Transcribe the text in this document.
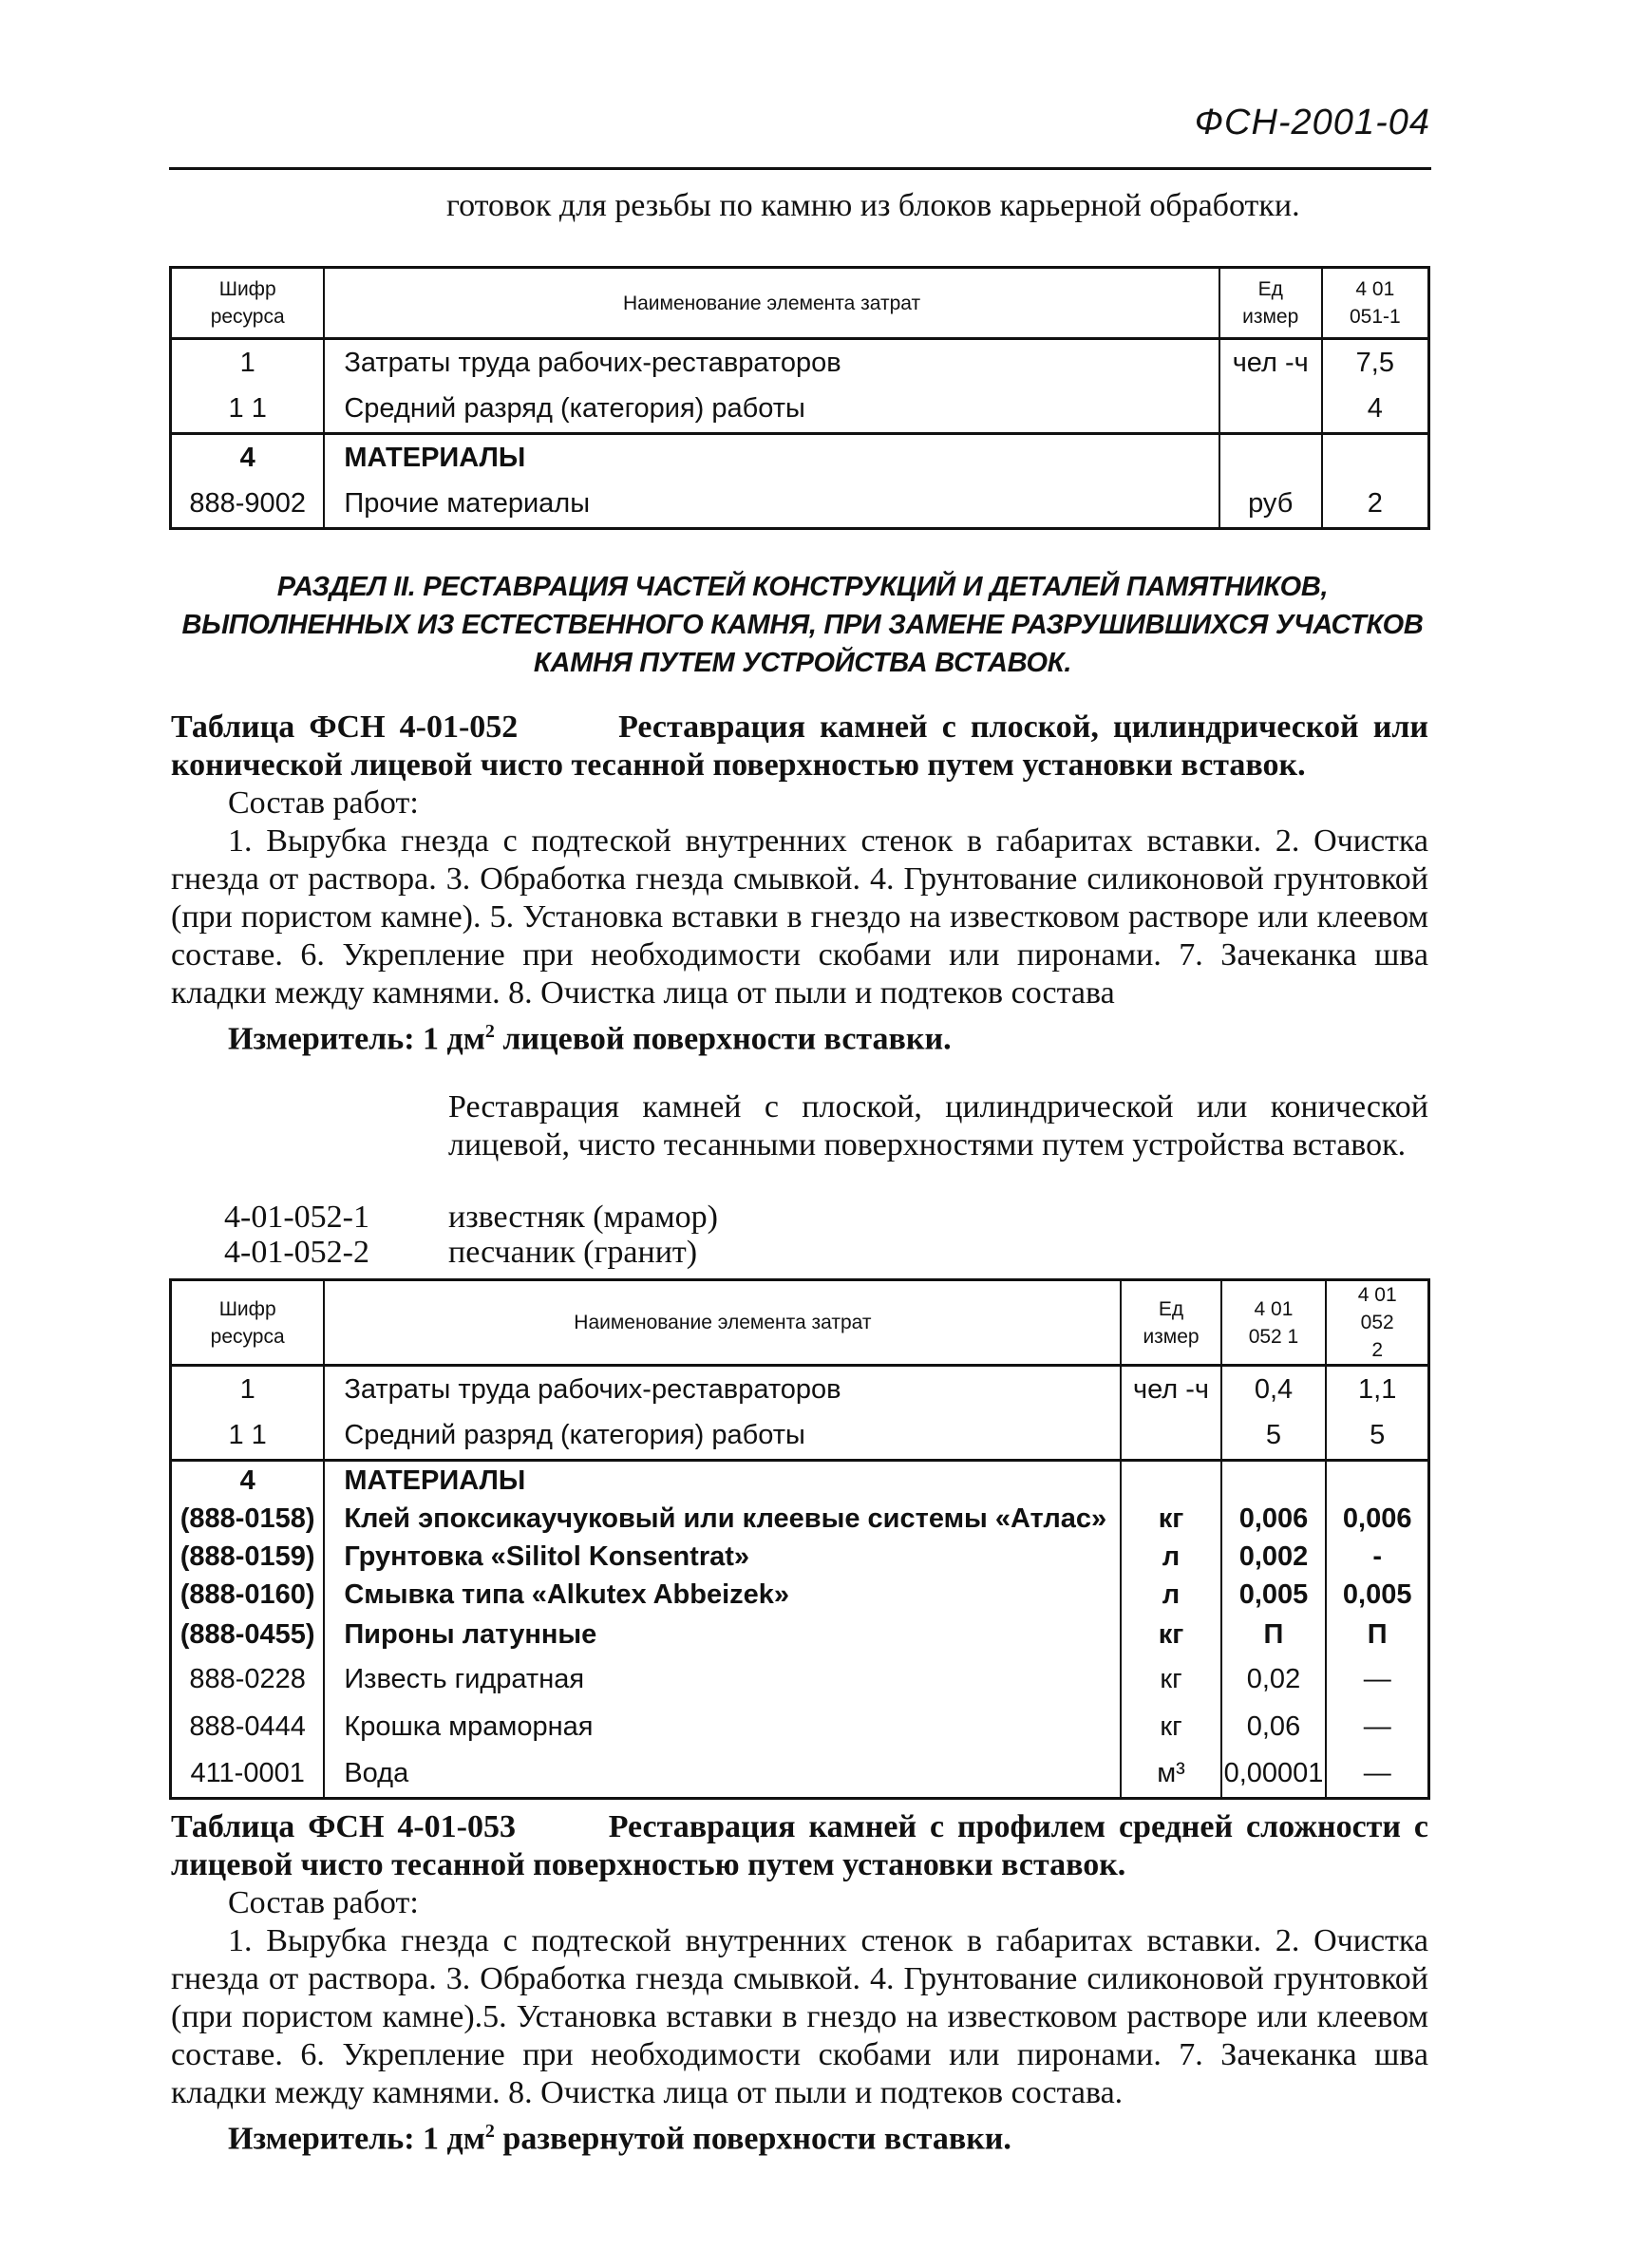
ФСН-2001-04
готовок для резьбы по камню из блоков карьерной обработки.
Шифр ресурса	Наименование элемента затрат	Ед измер	4 01 051-1
1	Затраты труда рабочих-реставраторов	чел -ч	7,5
1 1	Средний разряд (категория) работы		4
4	МАТЕРИАЛЫ		
888-9002	Прочие материалы	руб	2
РАЗДЕЛ II. РЕСТАВРАЦИЯ ЧАСТЕЙ КОНСТРУКЦИЙ И ДЕТАЛЕЙ ПАМЯТНИКОВ, ВЫПОЛНЕННЫХ ИЗ ЕСТЕСТВЕННОГО КАМНЯ, ПРИ ЗАМЕНЕ РАЗРУШИВШИХСЯ УЧАСТКОВ КАМНЯ ПУТЕМ УСТРОЙСТВА ВСТАВОК.

Таблица ФСН 4-01-052	Реставрация камней с плоской, цилиндрической или конической лицевой чисто тесанной поверхностью путем установки вставок.

Состав работ:

1. Вырубка гнезда с подтеской внутренних стенок в габаритах вставки. 2. Очистка гнезда от раствора. 3. Обработка гнезда смывкой. 4. Грунтование силиконовой грунтовкой (при пористом камне). 5. Установка вставки в гнездо на известковом растворе или клеевом составе. 6. Укрепление при необходимости скобами или пиронами. 7. Зачеканка шва кладки между камнями. 8. Очистка лица от пыли и подтеков состава

Измеритель: 1 $дм^2$ лицевой поверхности вставки.

Реставрация камней с плоской, цилиндрической или конической лицевой, чисто тесанными поверхностями путем устройства вставок.
4-01-052-1 известняк (мрамор)
4-01-052-2 песчаник (гранит)
Шифр ресурса	Наименование элемента затрат	Ед измер	4 01 052 1	4 01 052 2
1	Затраты труда рабочих-реставраторов	чел -ч	0,4	1,1
1 1	Средний разряд (категория) работы		5	5
4	МАТЕРИАЛЫ			
(888-0158)	Клей эпоксикаучуковый или клеевые системы «Атлас»	кг	0,006	0,006
(888-0159)	Грунтовка «Silitol Konsentrat»	л	0,002	-
(888-0160)	Смывка типа «Alkutex Abbeizek»	л	0,005	0,005
(888-0455)	Пироны латунные	кг	П	П
888-0228	Известь гидратная	кг	0,02	—
888-0444	Крошка мраморная	кг	0,06	—
411-0001	Вода	м³	0,00001	—

Таблица ФСН 4-01-053	Реставрация камней с профилем средней сложности с лицевой чисто тесанной поверхностью путем установки вставок.

Состав работ:

1. Вырубка гнезда с подтеской внутренних стенок в габаритах вставки. 2. Очистка гнезда от раствора. 3. Обработка гнезда смывкой. 4. Грунтование силиконовой грунтовкой (при пористом камне).5. Установка вставки в гнездо на известковом растворе или клеевом составе. 6. Укрепление при необходимости скобами или пиронами. 7. Зачеканка шва кладки между камнями. 8. Очистка лица от пыли и подтеков состава.

Измеритель: 1 $дм^2$ развернутой поверхности вставки.
